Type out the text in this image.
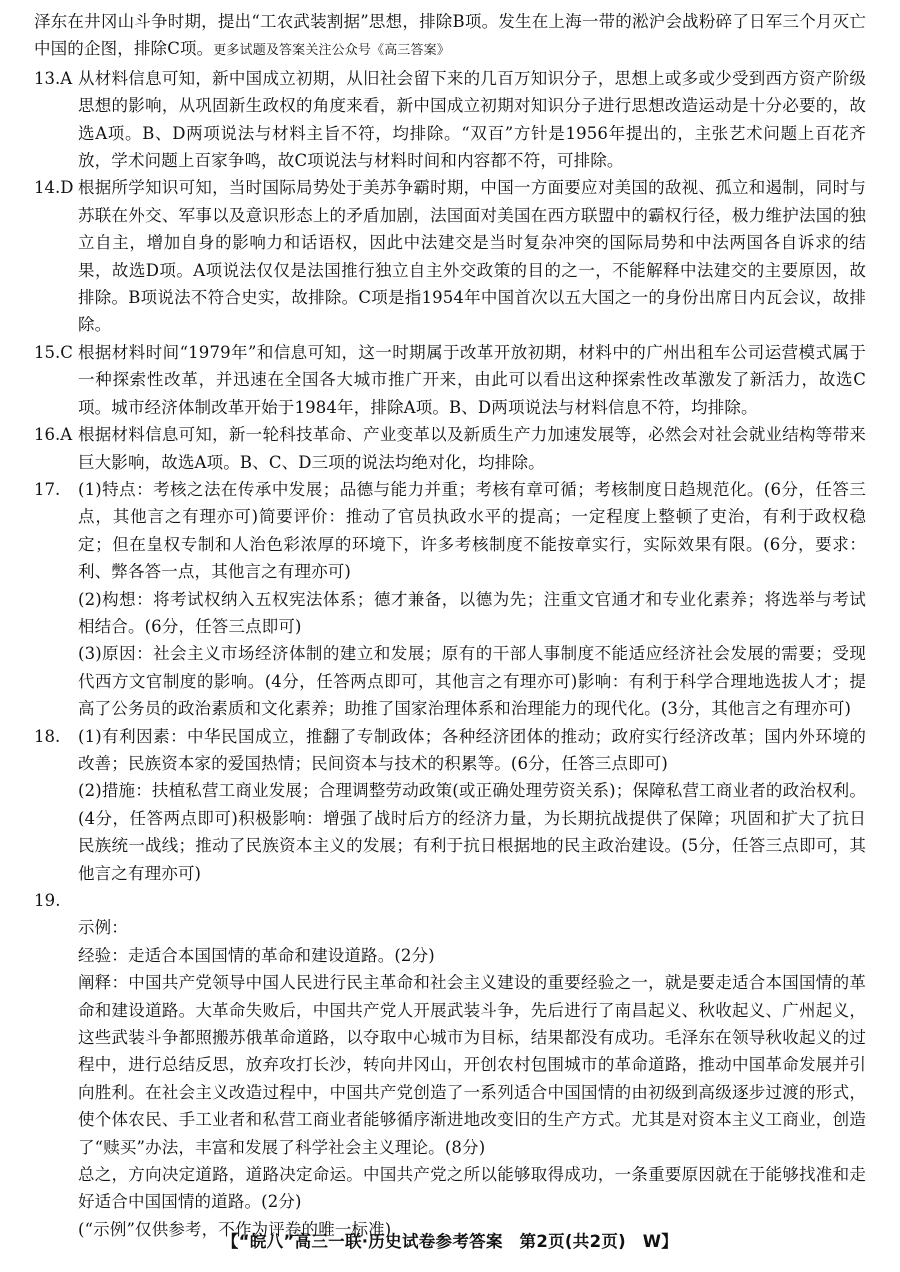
泽东在井冈山斗争时期，提出“工农武装割据”思想，排除B项。发生在上海一带的淞沪会战粉碎了日军三个月灭亡中国的企图，排除C项。更多试题及答案关注公众号《高三答案》

13.A 从材料信息可知，新中国成立初期，从旧社会留下来的几百万知识分子，思想上或多或少受到西方资产阶级思想的影响，从巩固新生政权的角度来看，新中国成立初期对知识分子进行思想改造运动是十分必要的，故选A项。B、D两项说法与材料主旨不符，均排除。“双百”方针是1956年提出的，主张艺术问题上百花齐放，学术问题上百家争鸣，故C项说法与材料时间和内容都不符，可排除。
14.D 根据所学知识可知，当时国际局势处于美苏争霸时期，中国一方面要应对美国的敌视、孤立和遏制，同时与苏联在外交、军事以及意识形态上的矛盾加剧，法国面对美国在西方联盟中的霸权行径，极力维护法国的独立自主，增加自身的影响力和话语权，因此中法建交是当时复杂冲突的国际局势和中法两国各自诉求的结果，故选D项。A项说法仅仅是法国推行独立自主外交政策的目的之一，不能解释中法建交的主要原因，故排除。B项说法不符合史实，故排除。C项是指1954年中国首次以五大国之一的身份出席日内瓦会议，故排除。
15.C 根据材料时间“1979年”和信息可知，这一时期属于改革开放初期，材料中的广州出租车公司运营模式属于一种探索性改革，并迅速在全国各大城市推广开来，由此可以看出这种探索性改革激发了新活力，故选C项。城市经济体制改革开始于1984年，排除A项。B、D两项说法与材料信息不符，均排除。
16.A 根据材料信息可知，新一轮科技革命、产业变革以及新质生产力加速发展等，必然会对社会就业结构等带来巨大影响，故选A项。B、C、D三项的说法均绝对化，均排除。
17.	(1)特点：考核之法在传承中发展；品德与能力并重；考核有章可循；考核制度日趋规范化。(6分，任答三点，其他言之有理亦可)简要评价：推动了官员执政水平的提高；一定程度上整顿了吏治，有利于政权稳定；但在皇权专制和人治色彩浓厚的环境下，许多考核制度不能按章实行，实际效果有限。(6分，要求：利、弊各答一点，其他言之有理亦可)

(2)构想：将考试权纳入五权宪法体系；德才兼备，以德为先；注重文官通才和专业化素养；将选举与考试相结合。(6分，任答三点即可)

(3)原因：社会主义市场经济体制的建立和发展；原有的干部人事制度不能适应经济社会发展的需要；受现代西方文官制度的影响。(4分，任答两点即可，其他言之有理亦可)影响：有利于科学合理地选拔人才；提高了公务员的政治素质和文化素养；助推了国家治理体系和治理能力的现代化。(3分，其他言之有理亦可)

18.	(1)有利因素：中华民国成立，推翻了专制政体；各种经济团体的推动；政府实行经济改革；国内外环境的改善；民族资本家的爱国热情；民间资本与技术的积累等。(6分，任答三点即可)

(2)措施：扶植私营工商业发展；合理调整劳动政策(或正确处理劳资关系)；保障私营工商业者的政治权利。(4分，任答两点即可)积极影响：增强了战时后方的经济力量，为长期抗战提供了保障；巩固和扩大了抗日民族统一战线；推动了民族资本主义的发展；有利于抗日根据地的民主政治建设。(5分，任答三点即可，其他言之有理亦可)

19.

示例：

经验：走适合本国国情的革命和建设道路。(2分)

阐释：中国共产党领导中国人民进行民主革命和社会主义建设的重要经验之一，就是要走适合本国国情的革命和建设道路。大革命失败后，中国共产党人开展武装斗争，先后进行了南昌起义、秋收起义、广州起义，这些武装斗争都照搬苏俄革命道路，以夺取中心城市为目标，结果都没有成功。毛泽东在领导秋收起义的过程中，进行总结反思，放弃攻打长沙，转向井冈山，开创农村包围城市的革命道路，推动中国革命发展并引向胜利。在社会主义改造过程中，中国共产党创造了一系列适合中国国情的由初级到高级逐步过渡的形式，使个体农民、手工业者和私营工商业者能够循序渐进地改变旧的生产方式。尤其是对资本主义工商业，创造了“赎买”办法，丰富和发展了科学社会主义理论。(8分)

总之，方向决定道路，道路决定命运。中国共产党之所以能够取得成功，一条重要原因就在于能够找准和走好适合中国国情的道路。(2分)

(“示例”仅供参考，不作为评卷的唯一标准)

【“皖八”高三一联·历史试卷参考答案　第2页(共2页)　W】
